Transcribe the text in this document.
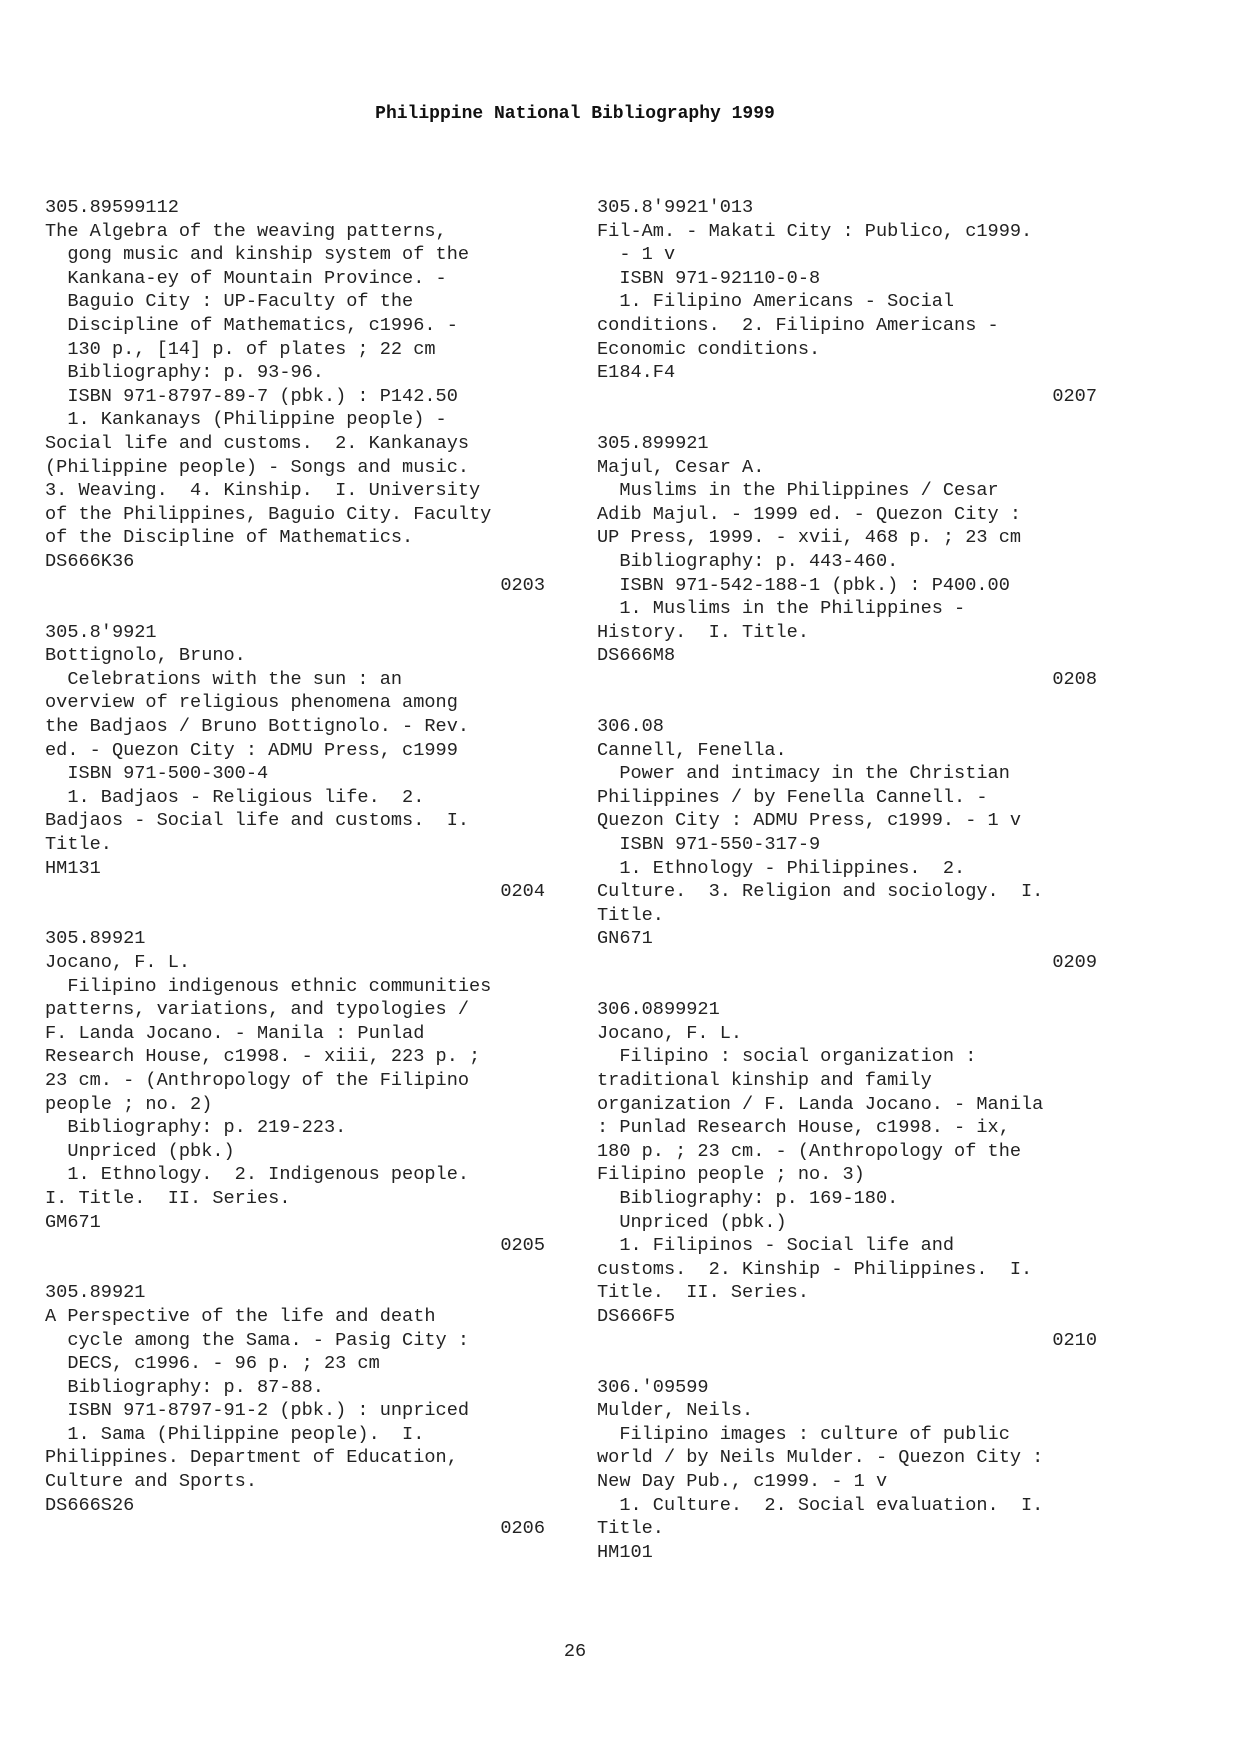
Philippine National Bibliography 1999
305.89599112
The Algebra of the weaving patterns,
gong music and kinship system of the
Kankana-ey of Mountain Province. -
Baguio City : UP-Faculty of the
Discipline of Mathematics, c1996. -
130 p., [14] p. of plates ; 22 cm
Bibliography: p. 93-96.
ISBN 971-8797-89-7 (pbk.) : P142.50
1. Kankanays (Philippine people) -
Social life and customs.  2. Kankanays
(Philippine people) - Songs and music.
3. Weaving.  4. Kinship.  I. University
of the Philippines, Baguio City. Faculty
of the Discipline of Mathematics.
DS666K36
0203
305.8'9921
Bottignolo, Bruno.
Celebrations with the sun : an
overview of religious phenomena among
the Badjaos / Bruno Bottignolo. - Rev.
ed. - Quezon City : ADMU Press, c1999
ISBN 971-500-300-4
1. Badjaos - Religious life.  2.
Badjaos - Social life and customs.  I.
Title.
HM131
0204
305.89921
Jocano, F. L.
Filipino indigenous ethnic communities
patterns, variations, and typologies /
F. Landa Jocano. - Manila : Punlad
Research House, c1998. - xiii, 223 p. ;
23 cm. - (Anthropology of the Filipino
people ; no. 2)
Bibliography: p. 219-223.
Unpriced (pbk.)
1. Ethnology.  2. Indigenous people.
I. Title.  II. Series.
GM671
0205
305.89921
A Perspective of the life and death
cycle among the Sama. - Pasig City :
DECS, c1996. - 96 p. ; 23 cm
Bibliography: p. 87-88.
ISBN 971-8797-91-2 (pbk.) : unpriced
1. Sama (Philippine people).  I.
Philippines. Department of Education,
Culture and Sports.
DS666S26
0206
305.8'9921'013
Fil-Am. - Makati City : Publico, c1999.
- 1 v
ISBN 971-92110-0-8
1. Filipino Americans - Social
conditions.  2. Filipino Americans -
Economic conditions.
E184.F4
0207
305.899921
Majul, Cesar A.
Muslims in the Philippines / Cesar
Adib Majul. - 1999 ed. - Quezon City :
UP Press, 1999. - xvii, 468 p. ; 23 cm
Bibliography: p. 443-460.
ISBN 971-542-188-1 (pbk.) : P400.00
1. Muslims in the Philippines -
History.  I. Title.
DS666M8
0208
306.08
Cannell, Fenella.
Power and intimacy in the Christian
Philippines / by Fenella Cannell. -
Quezon City : ADMU Press, c1999. - 1 v
ISBN 971-550-317-9
1. Ethnology - Philippines.  2.
Culture.  3. Religion and sociology.  I.
Title.
GN671
0209
306.0899921
Jocano, F. L.
Filipino : social organization :
traditional kinship and family
organization / F. Landa Jocano. - Manila
: Punlad Research House, c1998. - ix,
180 p. ; 23 cm. - (Anthropology of the
Filipino people ; no. 3)
Bibliography: p. 169-180.
Unpriced (pbk.)
1. Filipinos - Social life and
customs.  2. Kinship - Philippines.  I.
Title.  II. Series.
DS666F5
0210
306.'09599
Mulder, Neils.
Filipino images : culture of public
world / by Neils Mulder. - Quezon City :
New Day Pub., c1999. - 1 v
1. Culture.  2. Social evaluation.  I.
Title.
HM101
26
